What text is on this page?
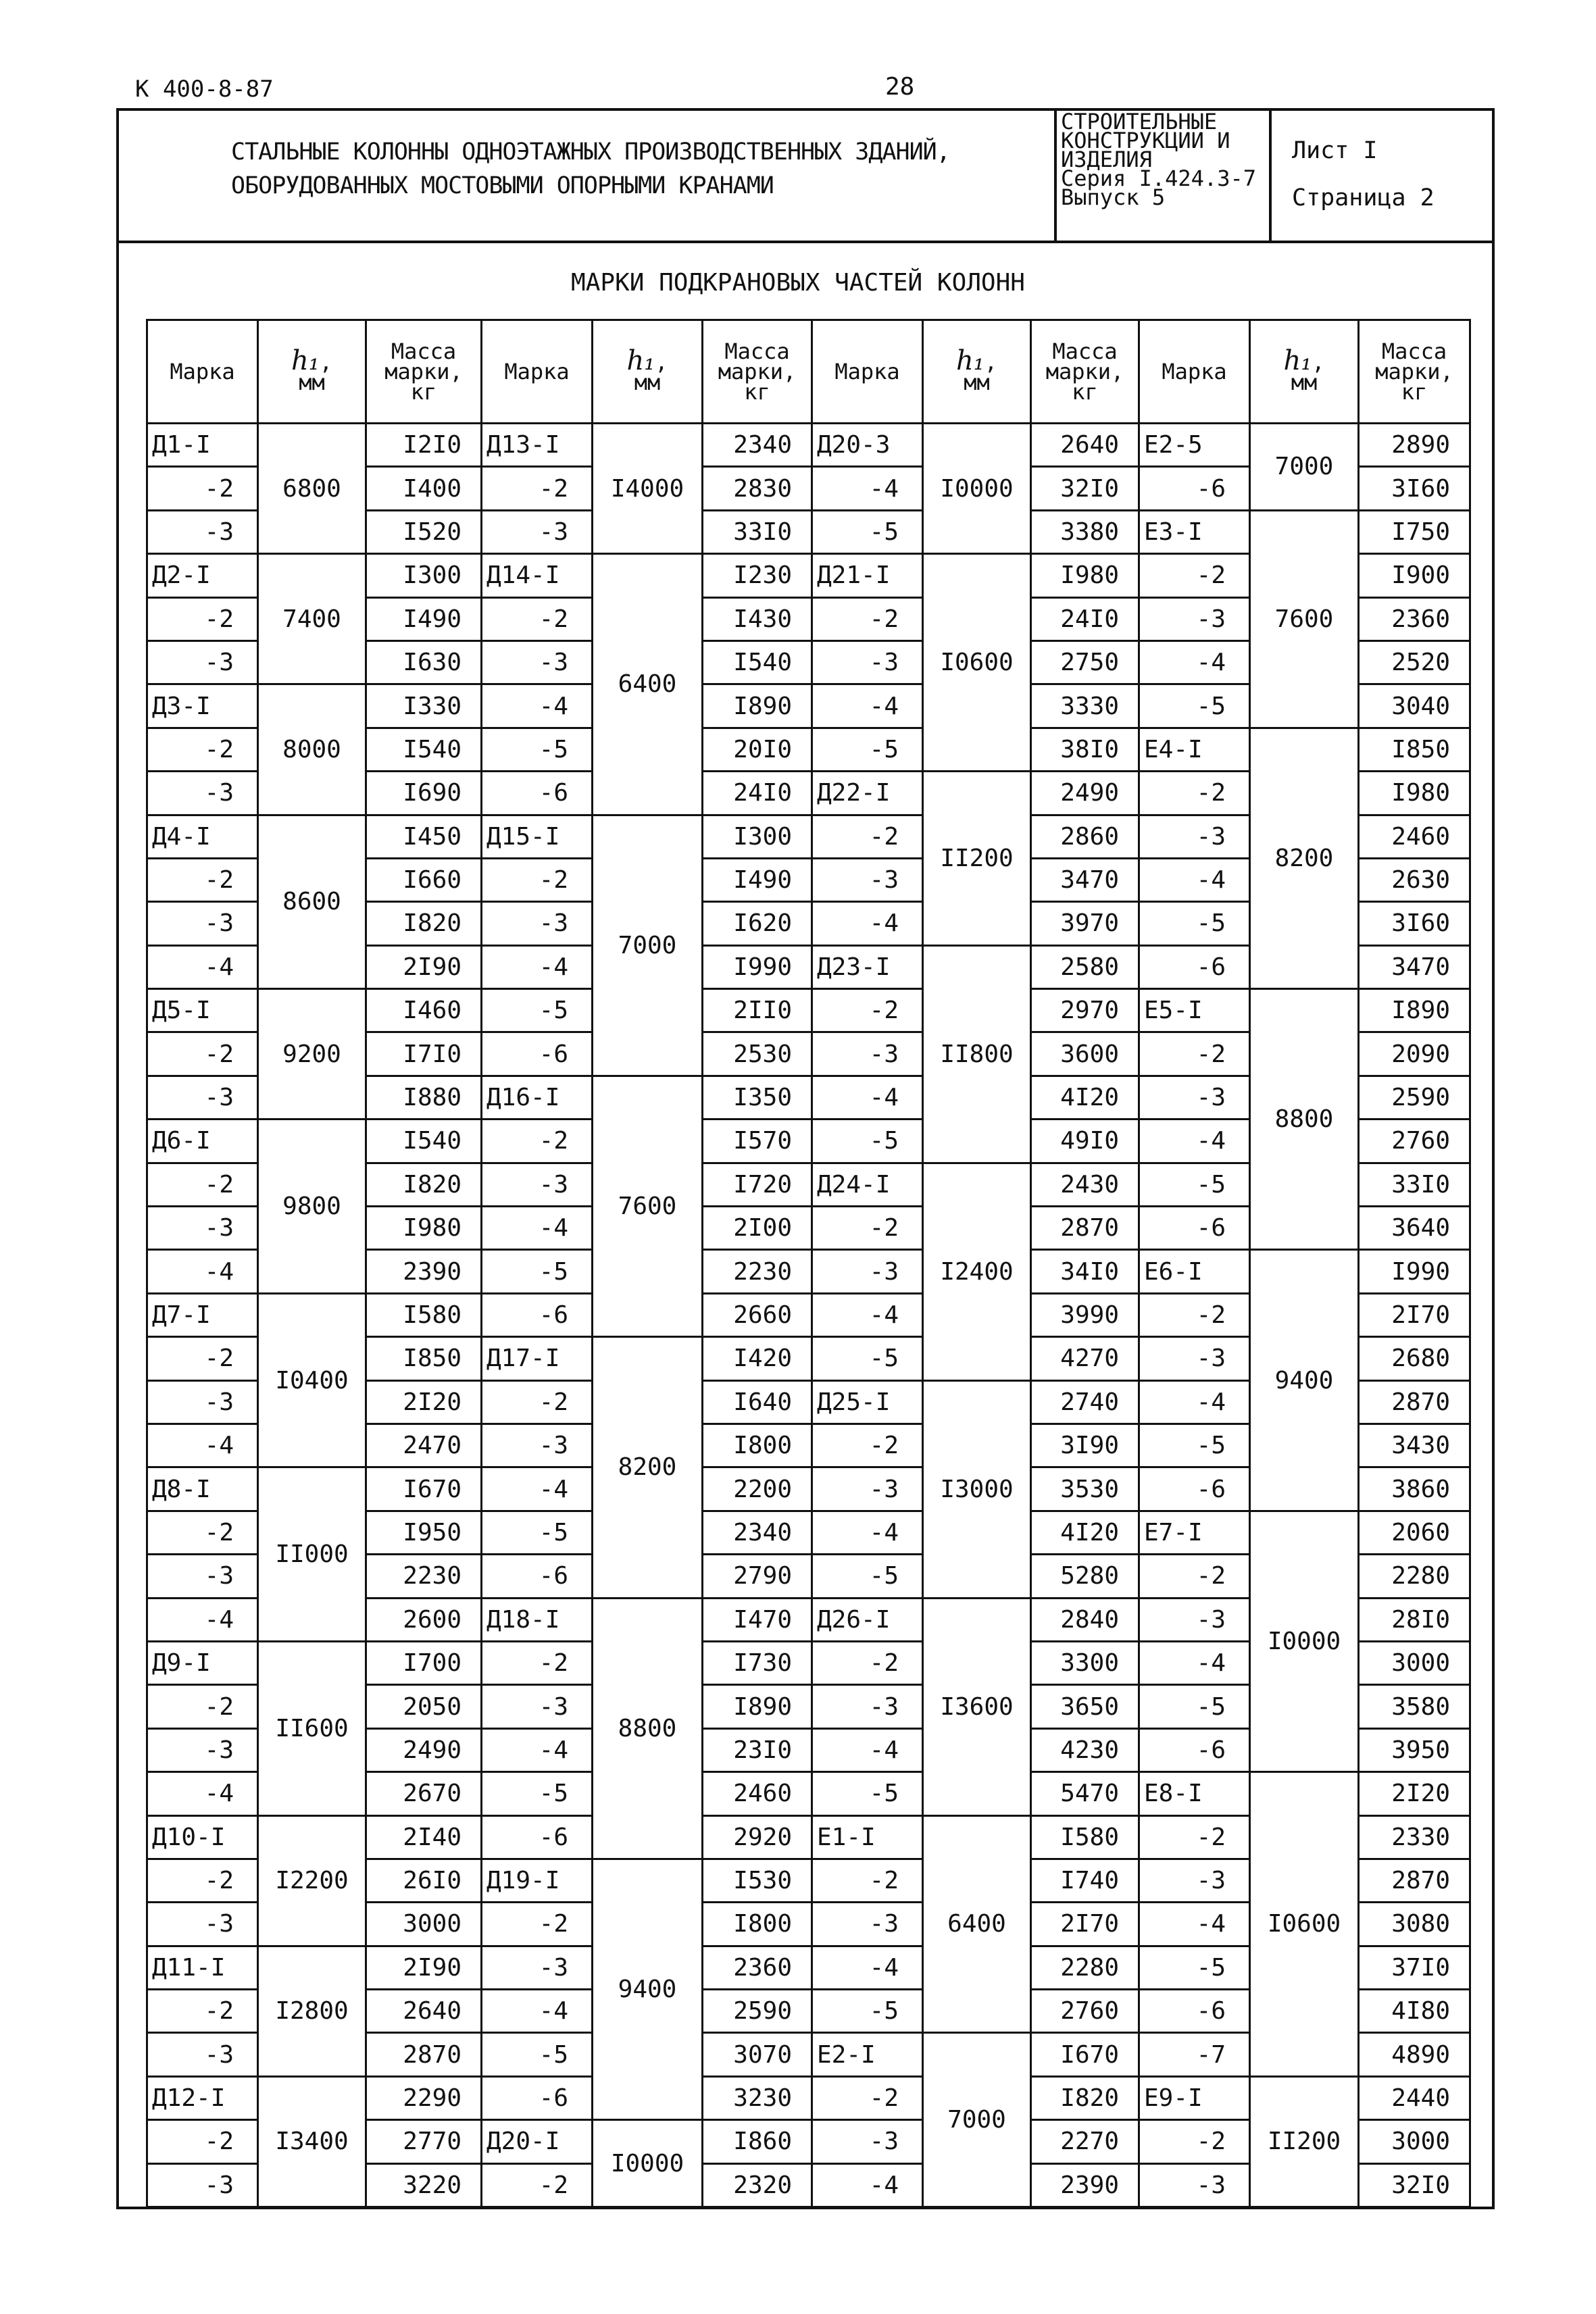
К 400-8-87	28
СТАЛЬНЫЕ КОЛОННЫ ОДНОЭТАЖНЫХ ПРОИЗВОДСТВЕННЫХ ЗДАНИЙ,
ОБОРУДОВАННЫХ МОСТОВЫМИ ОПОРНЫМИ КРАНАМИ
СТРОИТЕЛЬНЫЕ
КОНСТРУКЦИИ И
ИЗДЕЛИЯ
Серия I.424.3-7
Выпуск 5
Лист I
Страница 2
МАРКИ ПОДКРАНОВЫХ ЧАСТЕЙ КОЛОНН
Марка	h₁,
мм	Масса
марки,
кг	Марка	h₁,
мм	Масса
марки,
кг	Марка	h₁,
мм	Масса
марки,
кг	Марка	h₁,
мм	Масса
марки,
кг
Д1-I	6800	I2I0	Д13-I	I4000	2340	Д20-3	I0000	2640	Е2-5	7000	2890
-2		I400	-2		2830	-4		32I0	-6		3I60
-3		I520	-3		33I0	-5		3380	Е3-I	7600	I750
Д2-I	7400	I300	Д14-I	6400	I230	Д21-I	I0600	I980	-2		I900
-2		I490	-2		I430	-2		24I0	-3		2360
-3		I630	-3		I540	-3		2750	-4		2520
Д3-I	8000	I330	-4		I890	-4		3330	-5		3040
-2		I540	-5		20I0	-5		38I0	Е4-I	8200	I850
-3		I690	-6		24I0	Д22-I	II200	2490	-2		I980
Д4-I	8600	I450	Д15-I	7000	I300	-2		2860	-3		2460
-2		I660	-2		I490	-3		3470	-4		2630
-3		I820	-3		I620	-4		3970	-5		3I60
-4		2I90	-4		I990	Д23-I	II800	2580	-6		3470
Д5-I	9200	I460	-5		2II0	-2		2970	Е5-I	8800	I890
-2		I7I0	-6		2530	-3		3600	-2		2090
-3		I880	Д16-I	7600	I350	-4		4I20	-3		2590
Д6-I	9800	I540	-2		I570	-5		49I0	-4		2760
-2		I820	-3		I720	Д24-I	I2400	2430	-5		33I0
-3		I980	-4		2I00	-2		2870	-6		3640
-4		2390	-5		2230	-3		34I0	Е6-I	9400	I990
Д7-I	I0400	I580	-6		2660	-4		3990	-2		2I70
-2		I850	Д17-I	8200	I420	-5		4270	-3		2680
-3		2I20	-2		I640	Д25-I	I3000	2740	-4		2870
-4		2470	-3		I800	-2		3I90	-5		3430
Д8-I	II000	I670	-4		2200	-3		3530	-6		3860
-2		I950	-5		2340	-4		4I20	Е7-I	I0000	2060
-3		2230	-6		2790	-5		5280	-2		2280
-4		2600	Д18-I	8800	I470	Д26-I	I3600	2840	-3		28I0
Д9-I	II600	I700	-2		I730	-2		3300	-4		3000
-2		2050	-3		I890	-3		3650	-5		3580
-3		2490	-4		23I0	-4		4230	-6		3950
-4		2670	-5		2460	-5		5470	Е8-I	I0600	2I20
Д10-I	I2200	2I40	-6		2920	Е1-I	6400	I580	-2		2330
-2		26I0	Д19-I	9400	I530	-2		I740	-3		2870
-3		3000	-2		I800	-3		2I70	-4		3080
Д11-I	I2800	2I90	-3		2360	-4		2280	-5		37I0
-2		2640	-4		2590	-5		2760	-6		4I80
-3		2870	-5		3070	Е2-I	7000	I670	-7		4890
Д12-I	I3400	2290	-6		3230	-2		I820	Е9-I	II200	2440
-2		2770	Д20-I	I0000	I860	-3		2270	-2		3000
-3		3220	-2		2320	-4		2390	-3		32I0
